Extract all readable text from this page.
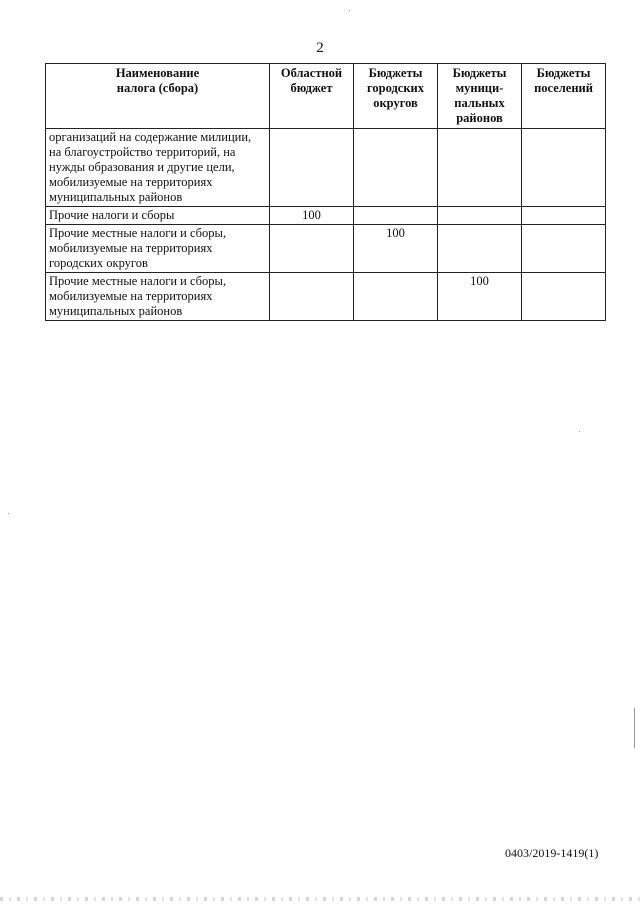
2
Наименование
налога (сбора)	Областной бюджет	Бюджеты городских округов	Бюджеты муници-пальных районов	Бюджеты поселений
организаций на содержание милиции, на благоустройство территорий, на нужды образования и другие цели, мобилизуемые на территориях муниципальных районов				
Прочие налоги и сборы	100			
Прочие местные налоги и сборы, мобилизуемые на территориях городских округов		100		
Прочие местные налоги и сборы, мобилизуемые на территориях муниципальных районов			100	
0403/2019-1419(1)
